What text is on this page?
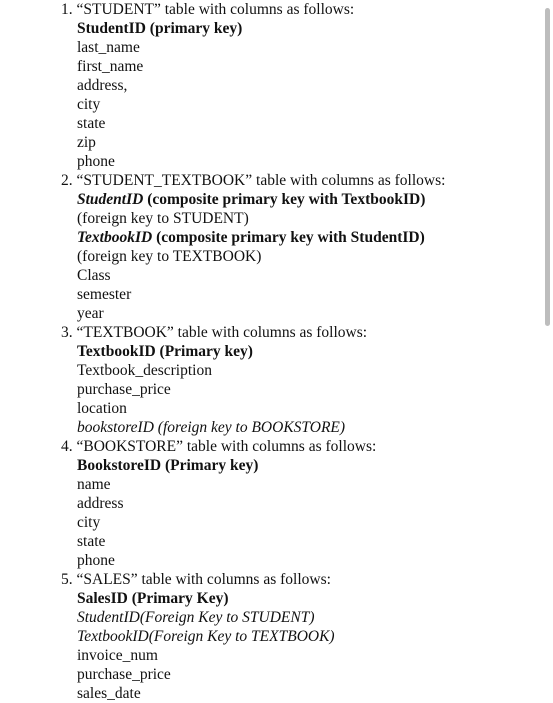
1. “STUDENT” table with columns as follows:
StudentID (primary key)
last_name
first_name
address,
city
state
zip
phone
2. “STUDENT_TEXTBOOK” table with columns as follows:
StudentID (composite primary key with TextbookID)
(foreign key to STUDENT)
TextbookID (composite primary key with StudentID)
(foreign key to TEXTBOOK)
Class
semester
year
3. “TEXTBOOK” table with columns as follows:
TextbookID (Primary key)
Textbook_description
purchase_price
location
bookstoreID (foreign key to BOOKSTORE)
4. “BOOKSTORE” table with columns as follows:
BookstoreID (Primary key)
name
address
city
state
phone
5. “SALES” table with columns as follows:
SalesID (Primary Key)
StudentID(Foreign Key to STUDENT)
TextbookID(Foreign Key to TEXTBOOK)
invoice_num
purchase_price
sales_date
